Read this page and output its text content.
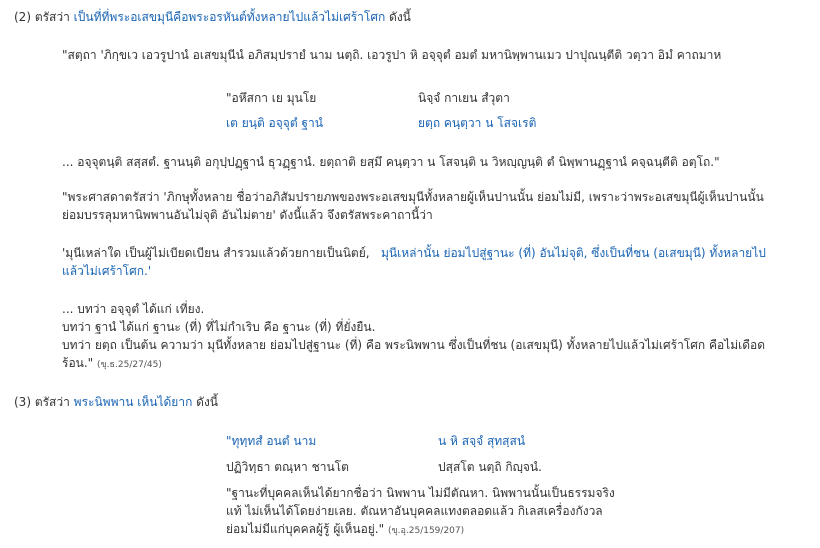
(2) ตรัสว่า เป็นที่ที่พระอเสขมุนีคือพระอรหันต์ทั้งหลายไปแล้วไม่เศร้าโศก ดังนี้
"สตฺถา 'ภิกฺขเว เอวรูปานํ อเสขมุนีนํ อภิสมฺปรายํ นาม นตฺถิ. เอวรูปา หิ อจฺจุตํ อมตํ มหานิพฺพานเมว ปาปุณนฺตีติ วตฺวา อิมํ คาถมาห
"อหึสกา เย มุนโย	นิจฺจํ กาเยน สํวุตา
เต ยนฺติ อจฺจุตํ ฐานํ	ยตฺถ คนฺตฺวา น โสจเรติ
... อจฺจุตนฺติ สสฺสตํ. ฐานนฺติ อกุปฺปฏฺฐานํ ธุวฏฺฐานํ. ยตฺถาติ ยสฺมึ คนฺตฺวา น โสจนฺติ น วิหญฺญนฺติ ตํ นิพฺพานฏฺฐานํ คจฺฉนฺตีติ อตฺโถ."
"พระศาสดาตรัสว่า 'ภิกษุทั้งหลาย ชื่อว่าอภิสัมปรายภพของพระอเสขมุนีทั้งหลายผู้เห็นปานนั้น ย่อมไม่มี, เพราะว่าพระอเสขมุนีผู้เห็นปานนั้น
ย่อมบรรลุมหานิพพานอันไม่จุติ อันไม่ตาย' ดังนี้แล้ว จึงตรัสพระคาถานี้ว่า
'มุนีเหล่าใด เป็นผู้ไม่เบียดเบียน สำรวมแล้วด้วยกายเป็นนิตย์, มุนีเหล่านั้น ย่อมไปสู่ฐานะ (ที่) อันไม่จุติ, ซึ่งเป็นที่ชน (อเสขมุนี) ทั้งหลายไป
แล้วไม่เศร้าโศก.'
... บทว่า อจฺจุตํ ได้แก่ เที่ยง.
บทว่า ฐานํ ได้แก่ ฐานะ (ที่) ที่ไม่กำเริบ คือ ฐานะ (ที่) ที่ยั่งยืน.
บทว่า ยตฺถ เป็นต้น ความว่า มุนีทั้งหลาย ย่อมไปสู่ฐานะ (ที่) คือ พระนิพพาน ซึ่งเป็นที่ชน (อเสขมุนี) ทั้งหลายไปแล้วไม่เศร้าโศก คือไม่เดือด
ร้อน." (ขุ.ธ.25/27/45)
(3) ตรัสว่า พระนิพพาน เห็นได้ยาก ดังนี้
"ทุทฺทสํ อนตํ นาม	น หิ สจฺจํ สุทสฺสนํ
ปฏิวิทฺธา ตณฺหา ชานโต	ปสฺสโต นตฺถิ กิญฺจนํ.
"ฐานะที่บุคคลเห็นได้ยากชื่อว่า นิพพาน ไม่มีตัณหา. นิพพานนั้นเป็นธรรมจริง
แท้ ไม่เห็นได้โดยง่ายเลย. ตัณหาอันบุคคลแทงตลอดแล้ว กิเลสเครื่องกังวล
ย่อมไม่มีแก่บุคคลผู้รู้ ผู้เห็นอยู่." (ขุ.อุ.25/159/207)
